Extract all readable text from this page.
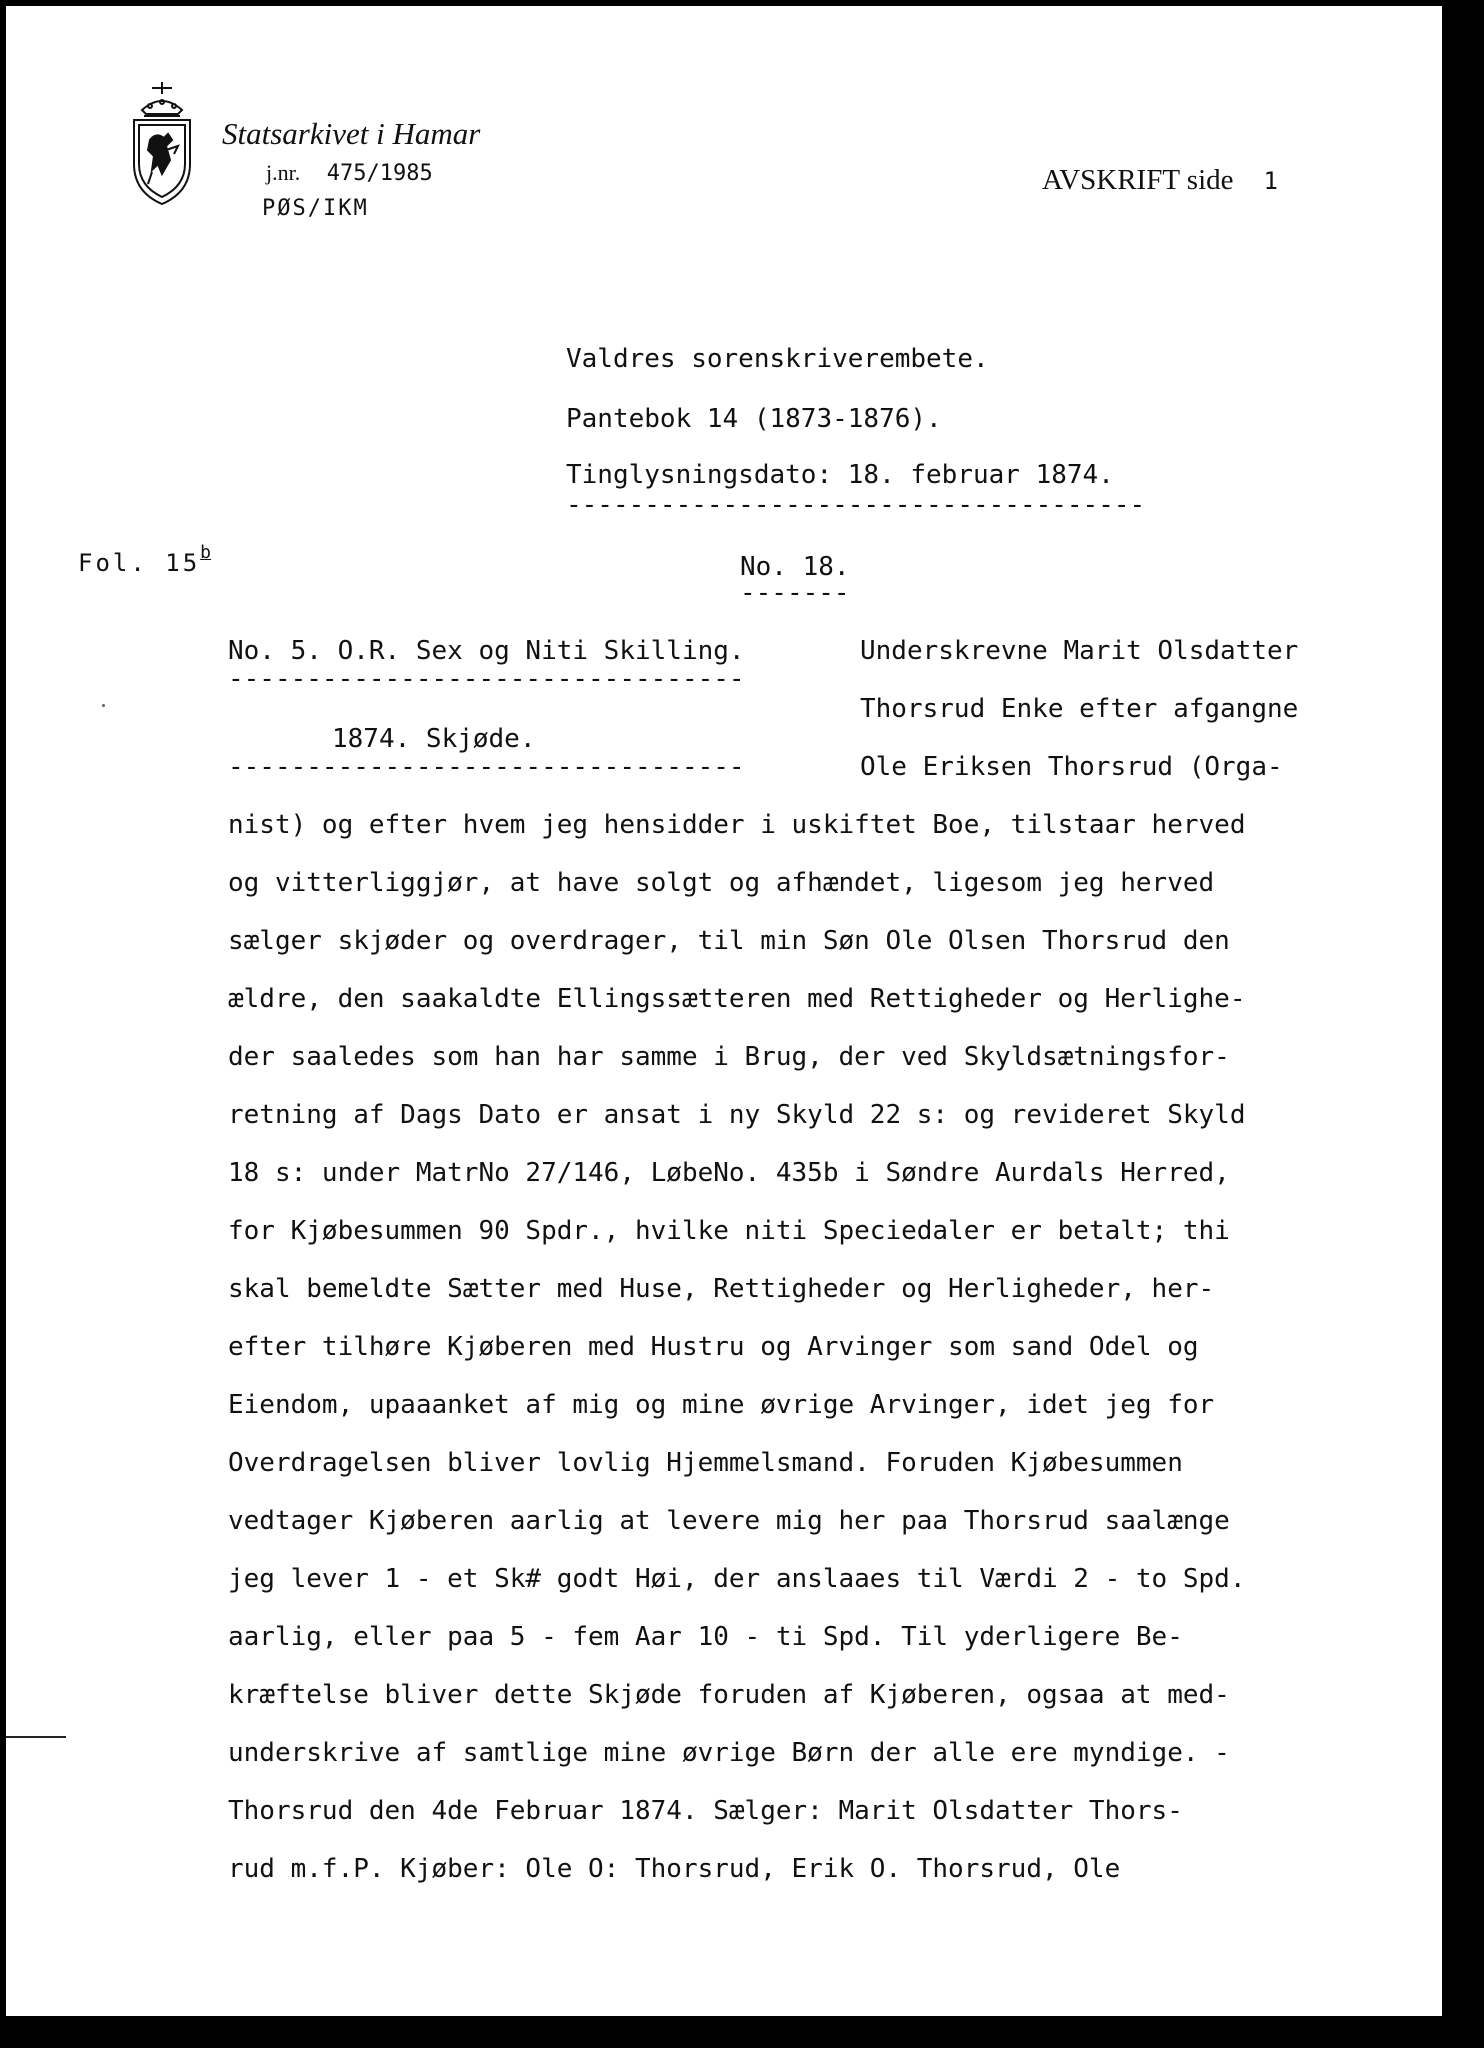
Statsarkivet i Hamar
j.nr. 475/1985
PØS/IKM
AVSKRIFT side 1
Valdres sorenskriverembete.
Pantebok 14 (1873-1876).
Tinglysningsdato: 18. februar 1874.
-------------------------------------
Fol. 15$^b$	No. 18.
-------
No. 5. O.R. Sex og Niti Skilling.
---------------------------------
1874. Skjøde.
---------------------------------
Underskrevne Marit Olsdatter
Thorsrud Enke efter afgangne
Ole Eriksen Thorsrud (Orga-
nist) og efter hvem jeg hensidder i uskiftet Boe, tilstaar herved
og vitterliggjør, at have solgt og afhændet, ligesom jeg herved
sælger skjøder og overdrager, til min Søn Ole Olsen Thorsrud den
ældre, den saakaldte Ellingssætteren med Rettigheder og Herlighe-
der saaledes som han har samme i Brug, der ved Skyldsætningsfor-
retning af Dags Dato er ansat i ny Skyld 22 s: og revideret Skyld
18 s: under MatrNo 27/146, LøbeNo. 435b i Søndre Aurdals Herred,
for Kjøbesummen 90 Spdr., hvilke niti Speciedaler er betalt; thi
skal bemeldte Sætter med Huse, Rettigheder og Herligheder, her-
efter tilhøre Kjøberen med Hustru og Arvinger som sand Odel og
Eiendom, upaaanket af mig og mine øvrige Arvinger, idet jeg for
Overdragelsen bliver lovlig Hjemmelsmand. Foruden Kjøbesummen
vedtager Kjøberen aarlig at levere mig her paa Thorsrud saalænge
jeg lever 1 - et Sk# godt Høi, der anslaaes til Værdi 2 - to Spd.
aarlig, eller paa 5 - fem Aar 10 - ti Spd. Til yderligere Be-
kræftelse bliver dette Skjøde foruden af Kjøberen, ogsaa at med-
underskrive af samtlige mine øvrige Børn der alle ere myndige. -
Thorsrud den 4de Februar 1874. Sælger: Marit Olsdatter Thors-
rud m.f.P. Kjøber: Ole O: Thorsrud, Erik O. Thorsrud, Ole
